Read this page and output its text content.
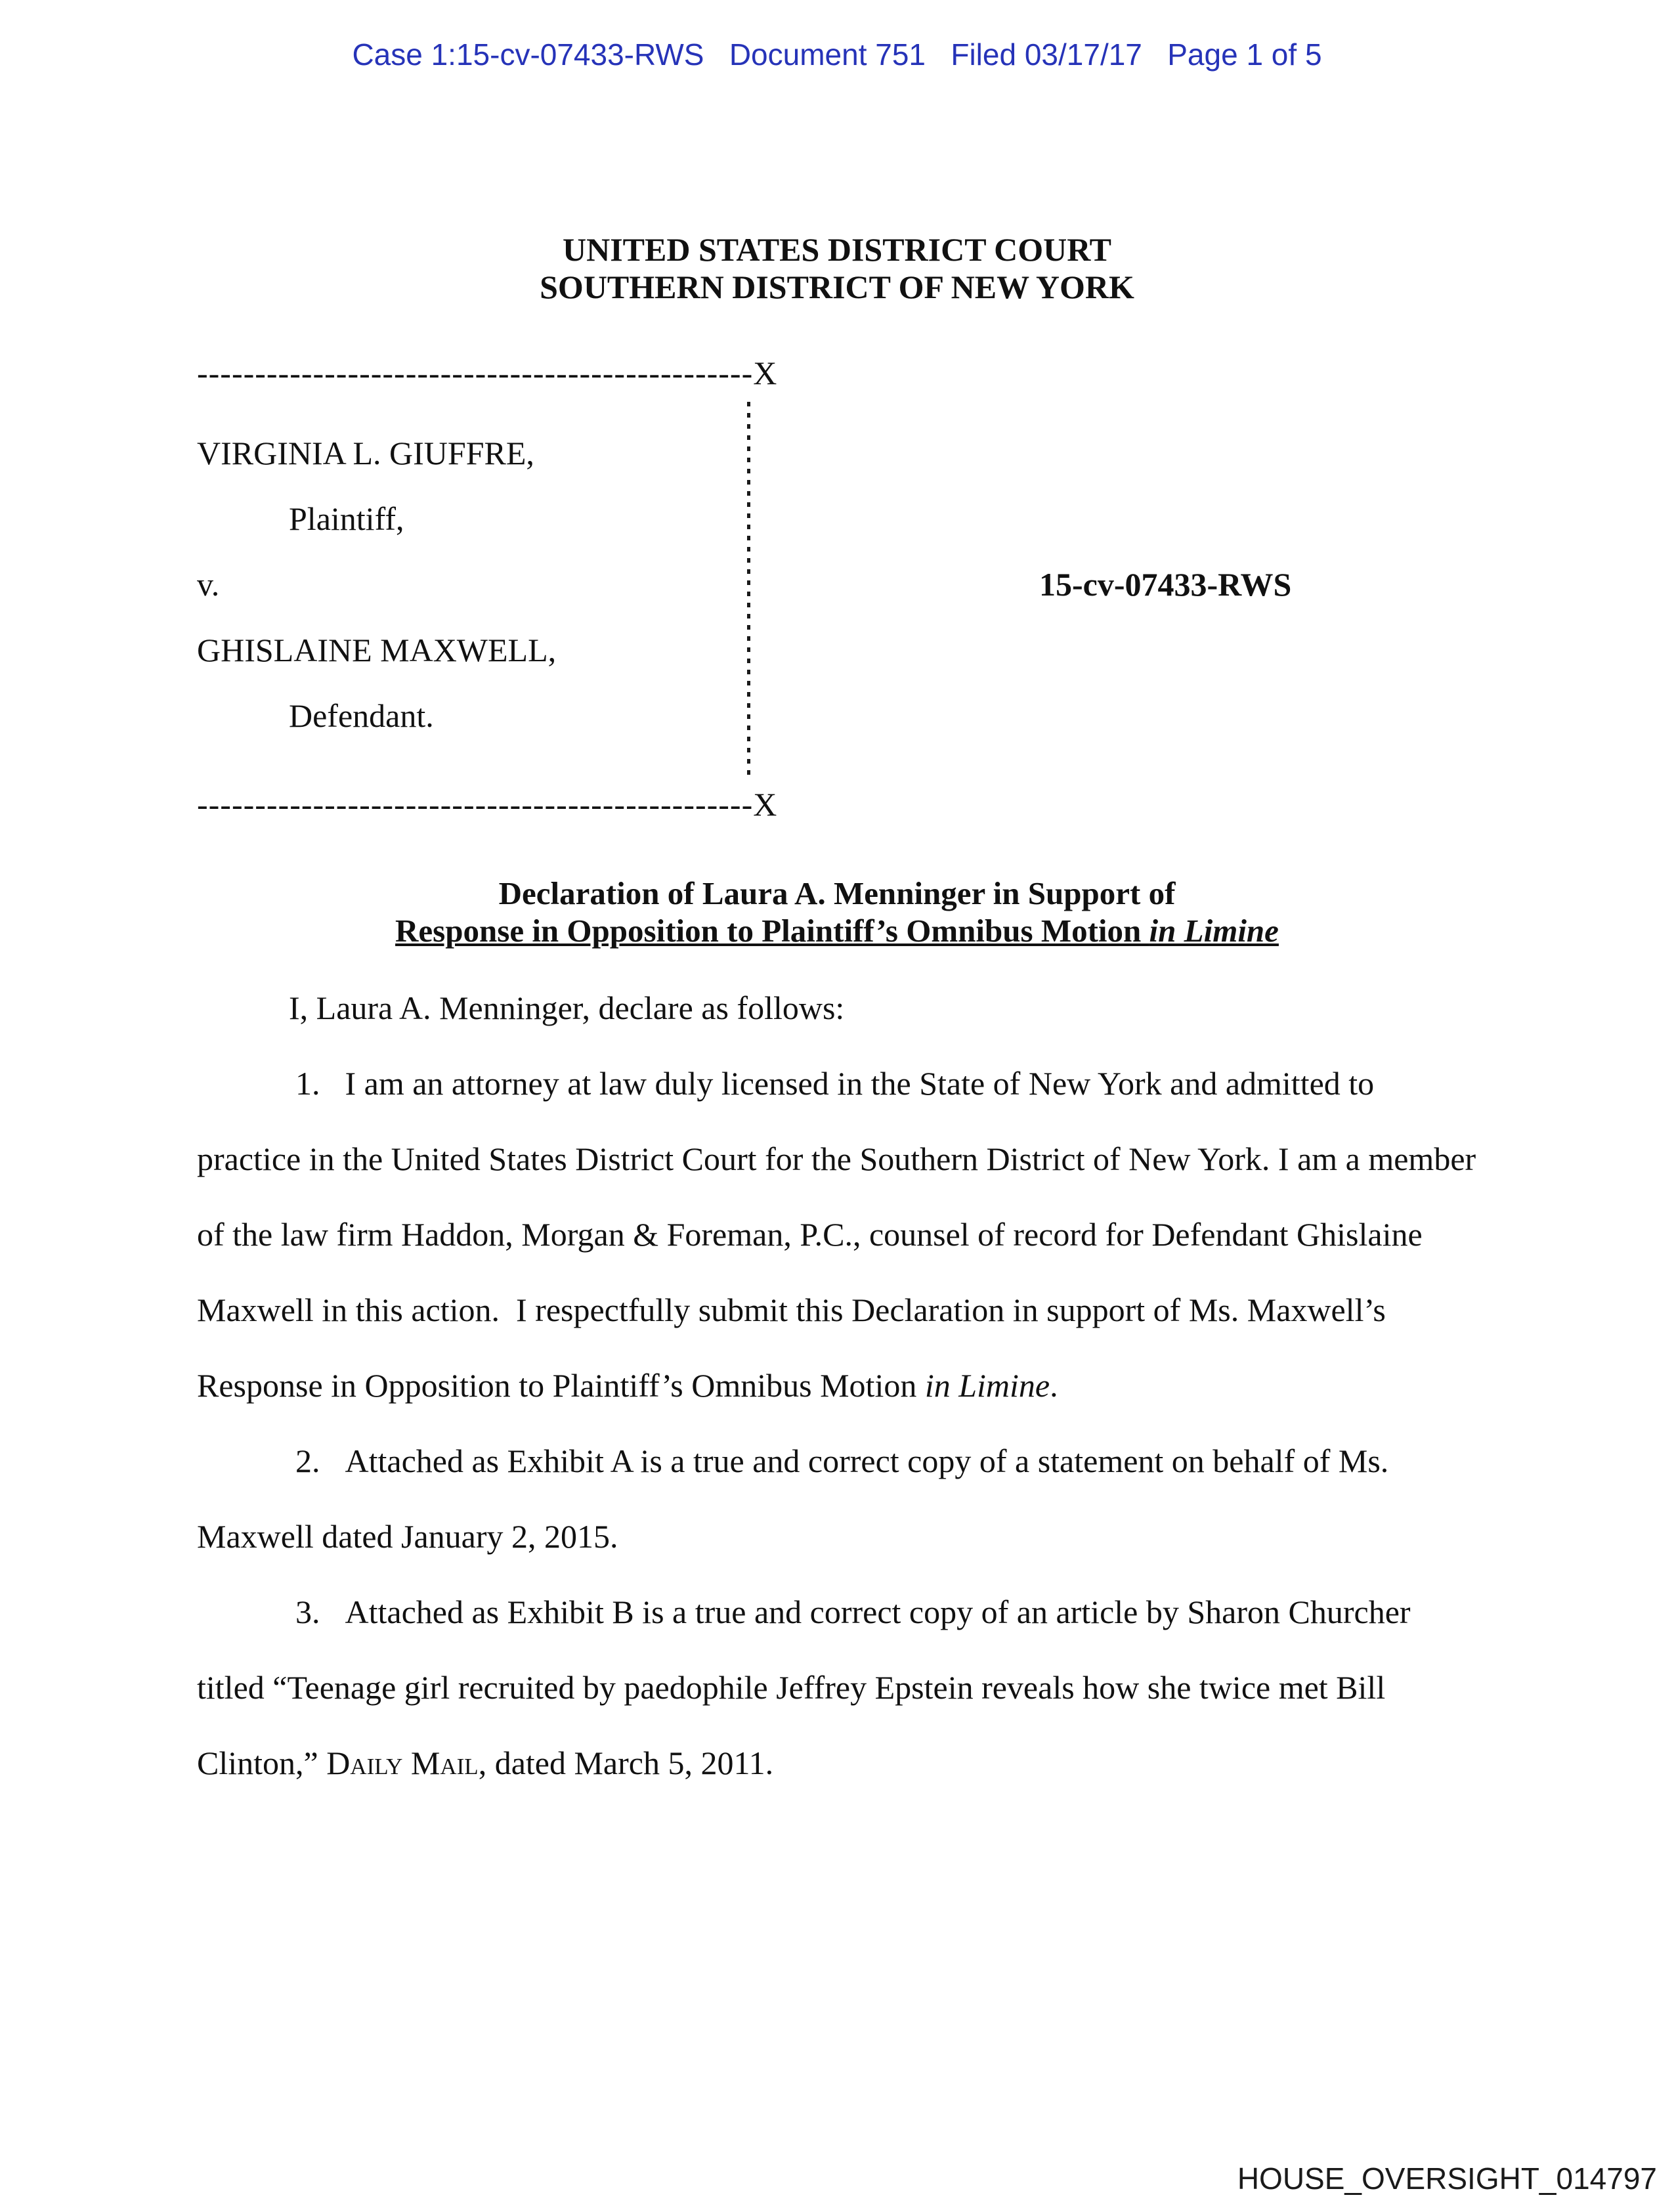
Case 1:15-cv-07433-RWS   Document 751   Filed 03/17/17   Page 1 of 5
UNITED STATES DISTRICT COURT
SOUTHERN DISTRICT OF NEW YORK
------------------------------------------------X
VIRGINIA L. GIUFFRE,
Plaintiff,
v.	15-cv-07433-RWS
GHISLAINE MAXWELL,
Defendant.
------------------------------------------------X
Declaration of Laura A. Menninger in Support of
Response in Opposition to Plaintiff’s Omnibus Motion in Limine

I, Laura A. Menninger, declare as follows:

1. I am an attorney at law duly licensed in the State of New York and admitted to practice in the United States District Court for the Southern District of New York. I am a member of the law firm Haddon, Morgan & Foreman, P.C., counsel of record for Defendant Ghislaine Maxwell in this action.  I respectfully submit this Declaration in support of Ms. Maxwell’s Response in Opposition to Plaintiff’s Omnibus Motion in Limine.

2. Attached as Exhibit A is a true and correct copy of a statement on behalf of Ms. Maxwell dated January 2, 2015.

3. Attached as Exhibit B is a true and correct copy of an article by Sharon Churcher titled “Teenage girl recruited by paedophile Jeffrey Epstein reveals how she twice met Bill Clinton,” Daily Mail, dated March 5, 2011.

HOUSE_OVERSIGHT_014797
